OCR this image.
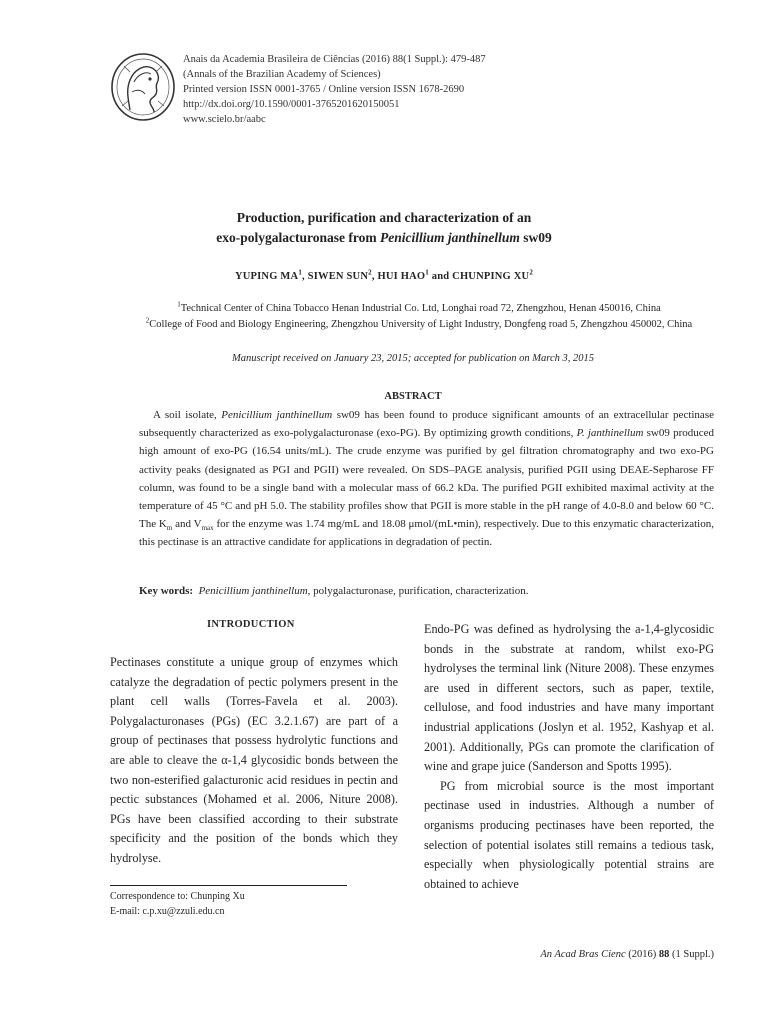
Anais da Academia Brasileira de Ciências (2016) 88(1 Suppl.): 479-487
(Annals of the Brazilian Academy of Sciences)
Printed version ISSN 0001-3765 / Online version ISSN 1678-2690
http://dx.doi.org/10.1590/0001-3765201620150051
www.scielo.br/aabc
Production, purification and characterization of an
exo-polygalacturonase from Penicillium janthinellum sw09
YUPING $MA^1$, SIWEN SUN$^2$, HUI HAO$^1$ and CHUNPING $XU^2$
$^1$Technical Center of China Tobacco Henan Industrial Co. Ltd, Longhai road 72, Zhengzhou, Henan 450016, China
$^2$College of Food and Biology Engineering, Zhengzhou University of Light Industry, Dongfeng road 5, Zhengzhou 450002, China
Manuscript received on January 23, 2015; accepted for publication on March 3, 2015
ABSTRACT

A soil isolate, Penicillium janthinellum sw09 has been found to produce significant amounts of an extracellular pectinase subsequently characterized as exo-polygalacturonase (exo-PG). By optimizing growth conditions, P. janthinellum sw09 produced high amount of exo-PG (16.54 units/mL). The crude enzyme was purified by gel filtration chromatography and two exo-PG activity peaks (designated as PGI and PGII) were revealed. On SDS–PAGE analysis, purified PGII using DEAE-Sepharose FF column, was found to be a single band with a molecular mass of 66.2 kDa. The purified PGII exhibited maximal activity at the temperature of 45 °C and pH 5.0. The stability profiles show that PGII is more stable in the pH range of 4.0-8.0 and below 60 °C. The $K_m$ and $V_{max}$ for the enzyme was 1.74 mg/mL and 18.08 μmol/(mL•min), respectively. Due to this enzymatic characterization, this pectinase is an attractive candidate for applications in degradation of pectin.

Key words: Penicillium janthinellum, polygalacturonase, purification, characterization.
INTRODUCTION

Pectinases constitute a unique group of enzymes which catalyze the degradation of pectic polymers present in the plant cell walls (Torres-Favela et al. 2003). Polygalacturonases (PGs) (EC 3.2.1.67) are part of a group of pectinases that possess hydrolytic functions and are able to cleave the α-1,4 glycosidic bonds between the two non-esterified galacturonic acid residues in pectin and pectic substances (Mohamed et al. 2006, Niture 2008). PGs have been classified according to their substrate specificity and the position of the bonds which they hydrolyse.

Endo-PG was defined as hydrolysing the a-1,4-glycosidic bonds in the substrate at random, whilst exo-PG hydrolyses the terminal link (Niture 2008). These enzymes are used in different sectors, such as paper, textile, cellulose, and food industries and have many important industrial applications (Joslyn et al. 1952, Kashyap et al. 2001). Additionally, PGs can promote the clarification of wine and grape juice (Sanderson and Spotts 1995).

PG from microbial source is the most important pectinase used in industries. Although a number of organisms producing pectinases have been reported, the selection of potential isolates still remains a tedious task, especially when physiologically potential strains are obtained to achieve

Correspondence to: Chunping Xu
E-mail: c.p.xu@zzuli.edu.cn
An Acad Bras Cienc (2016) 88 (1 Suppl.)
